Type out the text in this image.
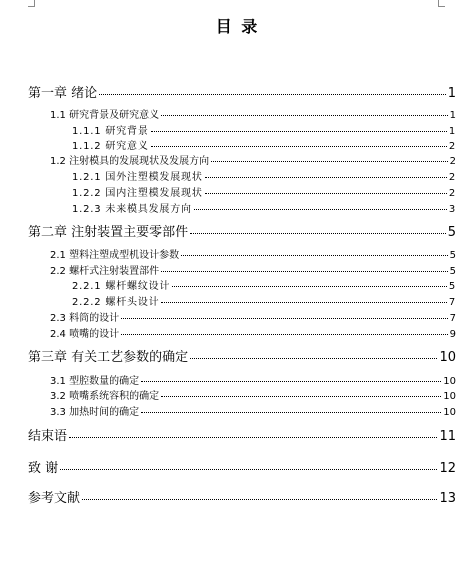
目 录
第一章 绪论	1
1.1 研究背景及研究意义	1
1.1.1 研究背景	1
1.1.2 研究意义	2
1.2 注射模具的发展现状及发展方向	2
1.2.1 国外注塑模发展现状	2
1.2.2 国内注塑模发展现状	2
1.2.3 未来模具发展方向	3
第二章 注射装置主要零部件	5
2.1 塑料注塑成型机设计参数	5
2.2 螺杆式注射装置部件	5
2.2.1 螺杆螺纹设计	5
2.2.2 螺杆头设计	7
2.3 料筒的设计	7
2.4 喷嘴的设计	9
第三章 有关工艺参数的确定	10
3.1 型腔数量的确定	10
3.2 喷嘴系统容积的确定	10
3.3 加热时间的确定	10
结束语	11
致 谢	12
参考文献	13
